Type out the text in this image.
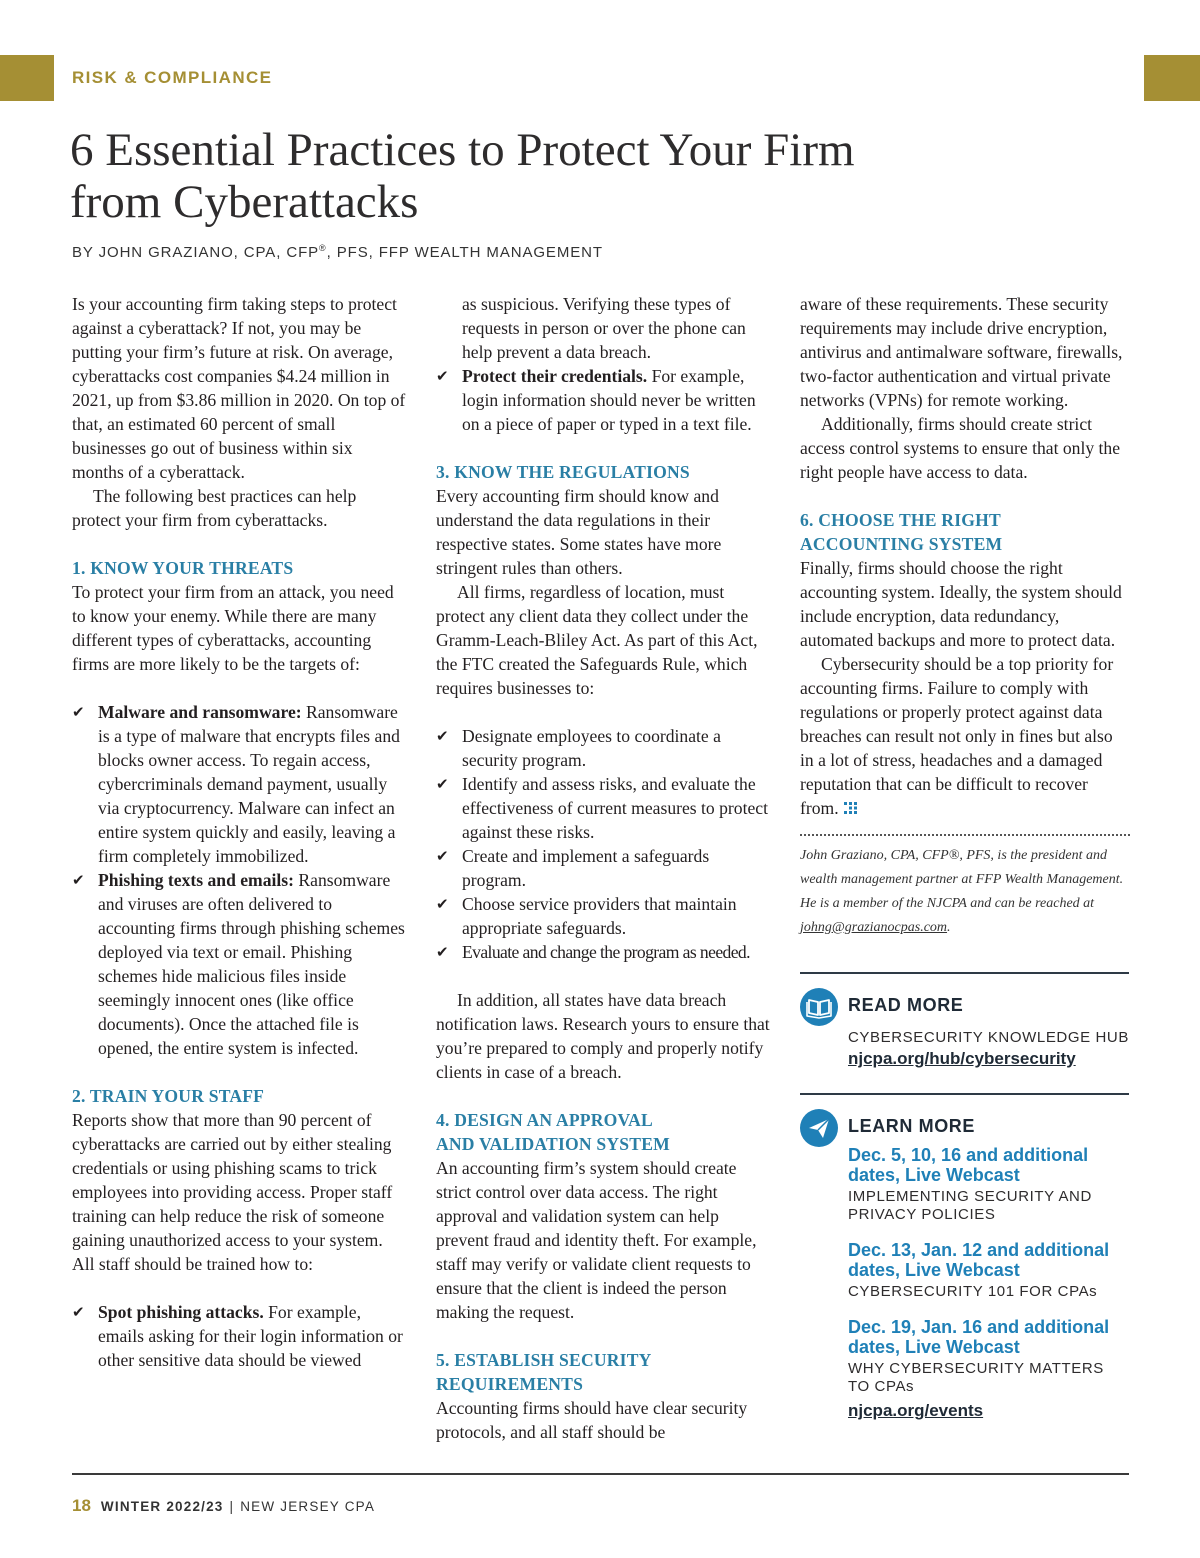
RISK & COMPLIANCE
6 Essential Practices to Protect Your Firm
from Cyberattacks
BY JOHN GRAZIANO, CPA, CFP®, PFS, FFP WEALTH MANAGEMENT

Is your accounting firm taking steps to protect against a cyberattack? If not, you may be putting your firm’s future at risk. On average, cyberattacks cost companies $4.24 million in 2021, up from $3.86 million in 2020. On top of that, an estimated 60 percent of small businesses go out of business within six months of a cyberattack.

The following best practices can help protect your firm from cyberattacks.

1. KNOW YOUR THREATS

To protect your firm from an attack, you need to know your enemy. While there are many different types of cyberattacks, accounting firms are more likely to be the targets of:

✔ Malware and ransomware: Ransomware is a type of malware that encrypts files and blocks owner access. To regain access, cybercriminals demand payment, usually via cryptocurrency. Malware can infect an entire system quickly and easily, leaving a firm completely immobilized.
✔ Phishing texts and emails: Ransomware and viruses are often delivered to accounting firms through phishing schemes deployed via text or email. Phishing schemes hide malicious files inside seemingly innocent ones (like office documents). Once the attached file is opened, the entire system is infected.
2. TRAIN YOUR STAFF

Reports show that more than 90 percent of cyberattacks are carried out by either stealing credentials or using phishing scams to trick employees into providing access. Proper staff training can help reduce the risk of someone gaining unauthorized access to your system. All staff should be trained how to:

✔ Spot phishing attacks. For example, emails asking for their login information or other sensitive data should be viewed

as suspicious. Verifying these types of requests in person or over the phone can help prevent a data breach.

✔ Protect their credentials. For example, login information should never be written on a piece of paper or typed in a text file.
3. KNOW THE REGULATIONS

Every accounting firm should know and understand the data regulations in their respective states. Some states have more stringent rules than others.

All firms, regardless of location, must protect any client data they collect under the Gramm-Leach-Bliley Act. As part of this Act, the FTC created the Safeguards Rule, which requires businesses to:

✔ Designate employees to coordinate a security program.
✔ Identify and assess risks, and evaluate the effectiveness of current measures to protect against these risks.
✔ Create and implement a safeguards program.
✔ Choose service providers that maintain appropriate safeguards.
✔ Evaluate and change the program as needed.

In addition, all states have data breach notification laws. Research yours to ensure that you’re prepared to comply and properly notify clients in case of a breach.

4. DESIGN AN APPROVAL
AND VALIDATION SYSTEM

An accounting firm’s system should create strict control over data access. The right approval and validation system can help prevent fraud and identity theft. For example, staff may verify or validate client requests to ensure that the client is indeed the person making the request.

5. ESTABLISH SECURITY
REQUIREMENTS

Accounting firms should have clear security protocols, and all staff should be

aware of these requirements. These security requirements may include drive encryption, antivirus and antimalware software, firewalls, two-factor authentication and virtual private networks (VPNs) for remote working.

Additionally, firms should create strict access control systems to ensure that only the right people have access to data.

6. CHOOSE THE RIGHT
ACCOUNTING SYSTEM

Finally, firms should choose the right accounting system. Ideally, the system should include encryption, data redundancy, automated backups and more to protect data.

Cybersecurity should be a top priority for accounting firms. Failure to comply with regulations or properly protect against data breaches can result not only in fines but also in a lot of stress, headaches and a damaged reputation that can be difficult to recover from.

John Graziano, CPA, CFP®, PFS, is the president and wealth management partner at FFP Wealth Management. He is a member of the NJCPA and can be reached at johng@grazianocpas.com.

READ MORE
CYBERSECURITY KNOWLEDGE HUB
njcpa.org/hub/cybersecurity
LEARN MORE
Dec. 5, 10, 16 and additional dates, Live Webcast
IMPLEMENTING SECURITY AND PRIVACY POLICIES
Dec. 13, Jan. 12 and additional dates, Live Webcast
CYBERSECURITY 101 FOR CPAs
Dec. 19, Jan. 16 and additional dates, Live Webcast
WHY CYBERSECURITY MATTERS TO CPAs
njcpa.org/events
18 WINTER 2022/23 | NEW JERSEY CPA
